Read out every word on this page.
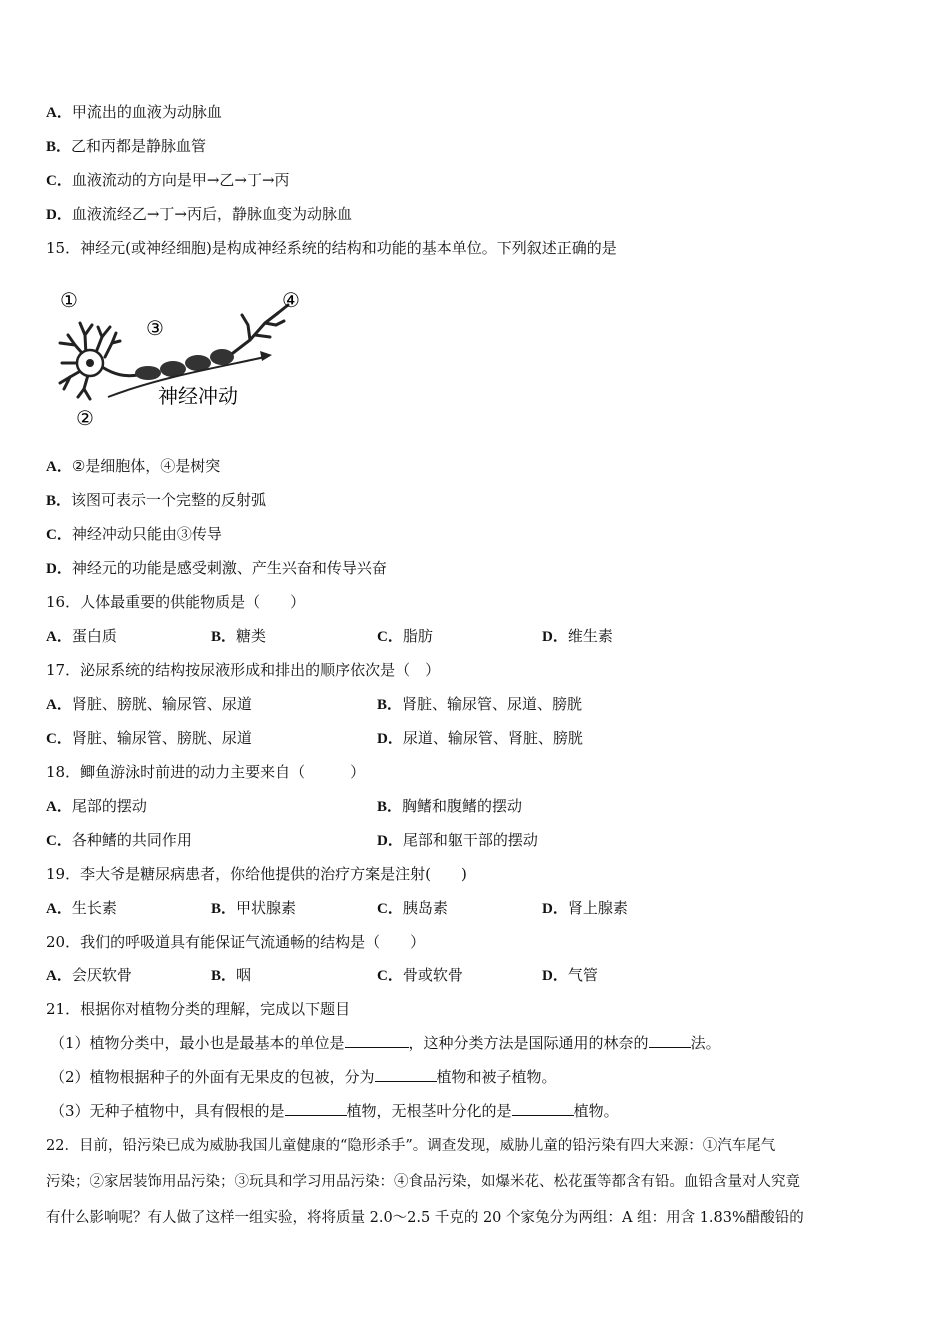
A．甲流出的血液为动脉血
B．乙和丙都是静脉血管
C．血液流动的方向是甲→乙→丁→丙
D．血液流经乙→丁→丙后，静脉血变为动脉血
15．神经元(或神经细胞)是构成神经系统的结构和功能的基本单位。下列叙述正确的是
①
②
③
④
神经冲动
A．②是细胞体，④是树突
B．该图可表示一个完整的反射弧
C．神经冲动只能由③传导
D．神经元的功能是感受刺激、产生兴奋和传导兴奋
16．人体最重要的供能物质是（　　）
A．蛋白质	B．糖类	C．脂肪	D．维生素
17．泌尿系统的结构按尿液形成和排出的顺序依次是（　）
A．肾脏、膀胱、输尿管、尿道	B．肾脏、输尿管、尿道、膀胱
C．肾脏、输尿管、膀胱、尿道	D．尿道、输尿管、肾脏、膀胱
18．鲫鱼游泳时前进的动力主要来自（　　　）
A．尾部的摆动	B．胸鳍和腹鳍的摆动
C．各种鳍的共同作用	D．尾部和躯干部的摆动
19．李大爷是糖尿病患者，你给他提供的治疗方案是注射(　　)
A．生长素	B．甲状腺素	C．胰岛素	D．肾上腺素
20．我们的呼吸道具有能保证气流通畅的结构是（　　）
A．会厌软骨	B．咽	C．骨或软骨	D．气管
21．根据你对植物分类的理解，完成以下题目
（1）植物分类中，最小也是最基本的单位是	，这种分类方法是国际通用的林奈的	法。
（2）植物根据种子的外面有无果皮的包被，分为	植物和被子植物。
（3）无种子植物中，具有假根的是	植物，无根茎叶分化的是	植物。
22．目前，铅污染已成为威胁我国儿童健康的“隐形杀手”。调查发现，威胁儿童的铅污染有四大来源：①汽车尾气
污染；②家居装饰用品污染；③玩具和学习用品污染：④食品污染，如爆米花、松花蛋等都含有铅。血铅含量对人究竟
有什么影响呢？有人做了这样一组实验，将将质量 2.0～2.5 千克的 20 个家兔分为两组：A 组：用含 1.83%醋酸铅的
